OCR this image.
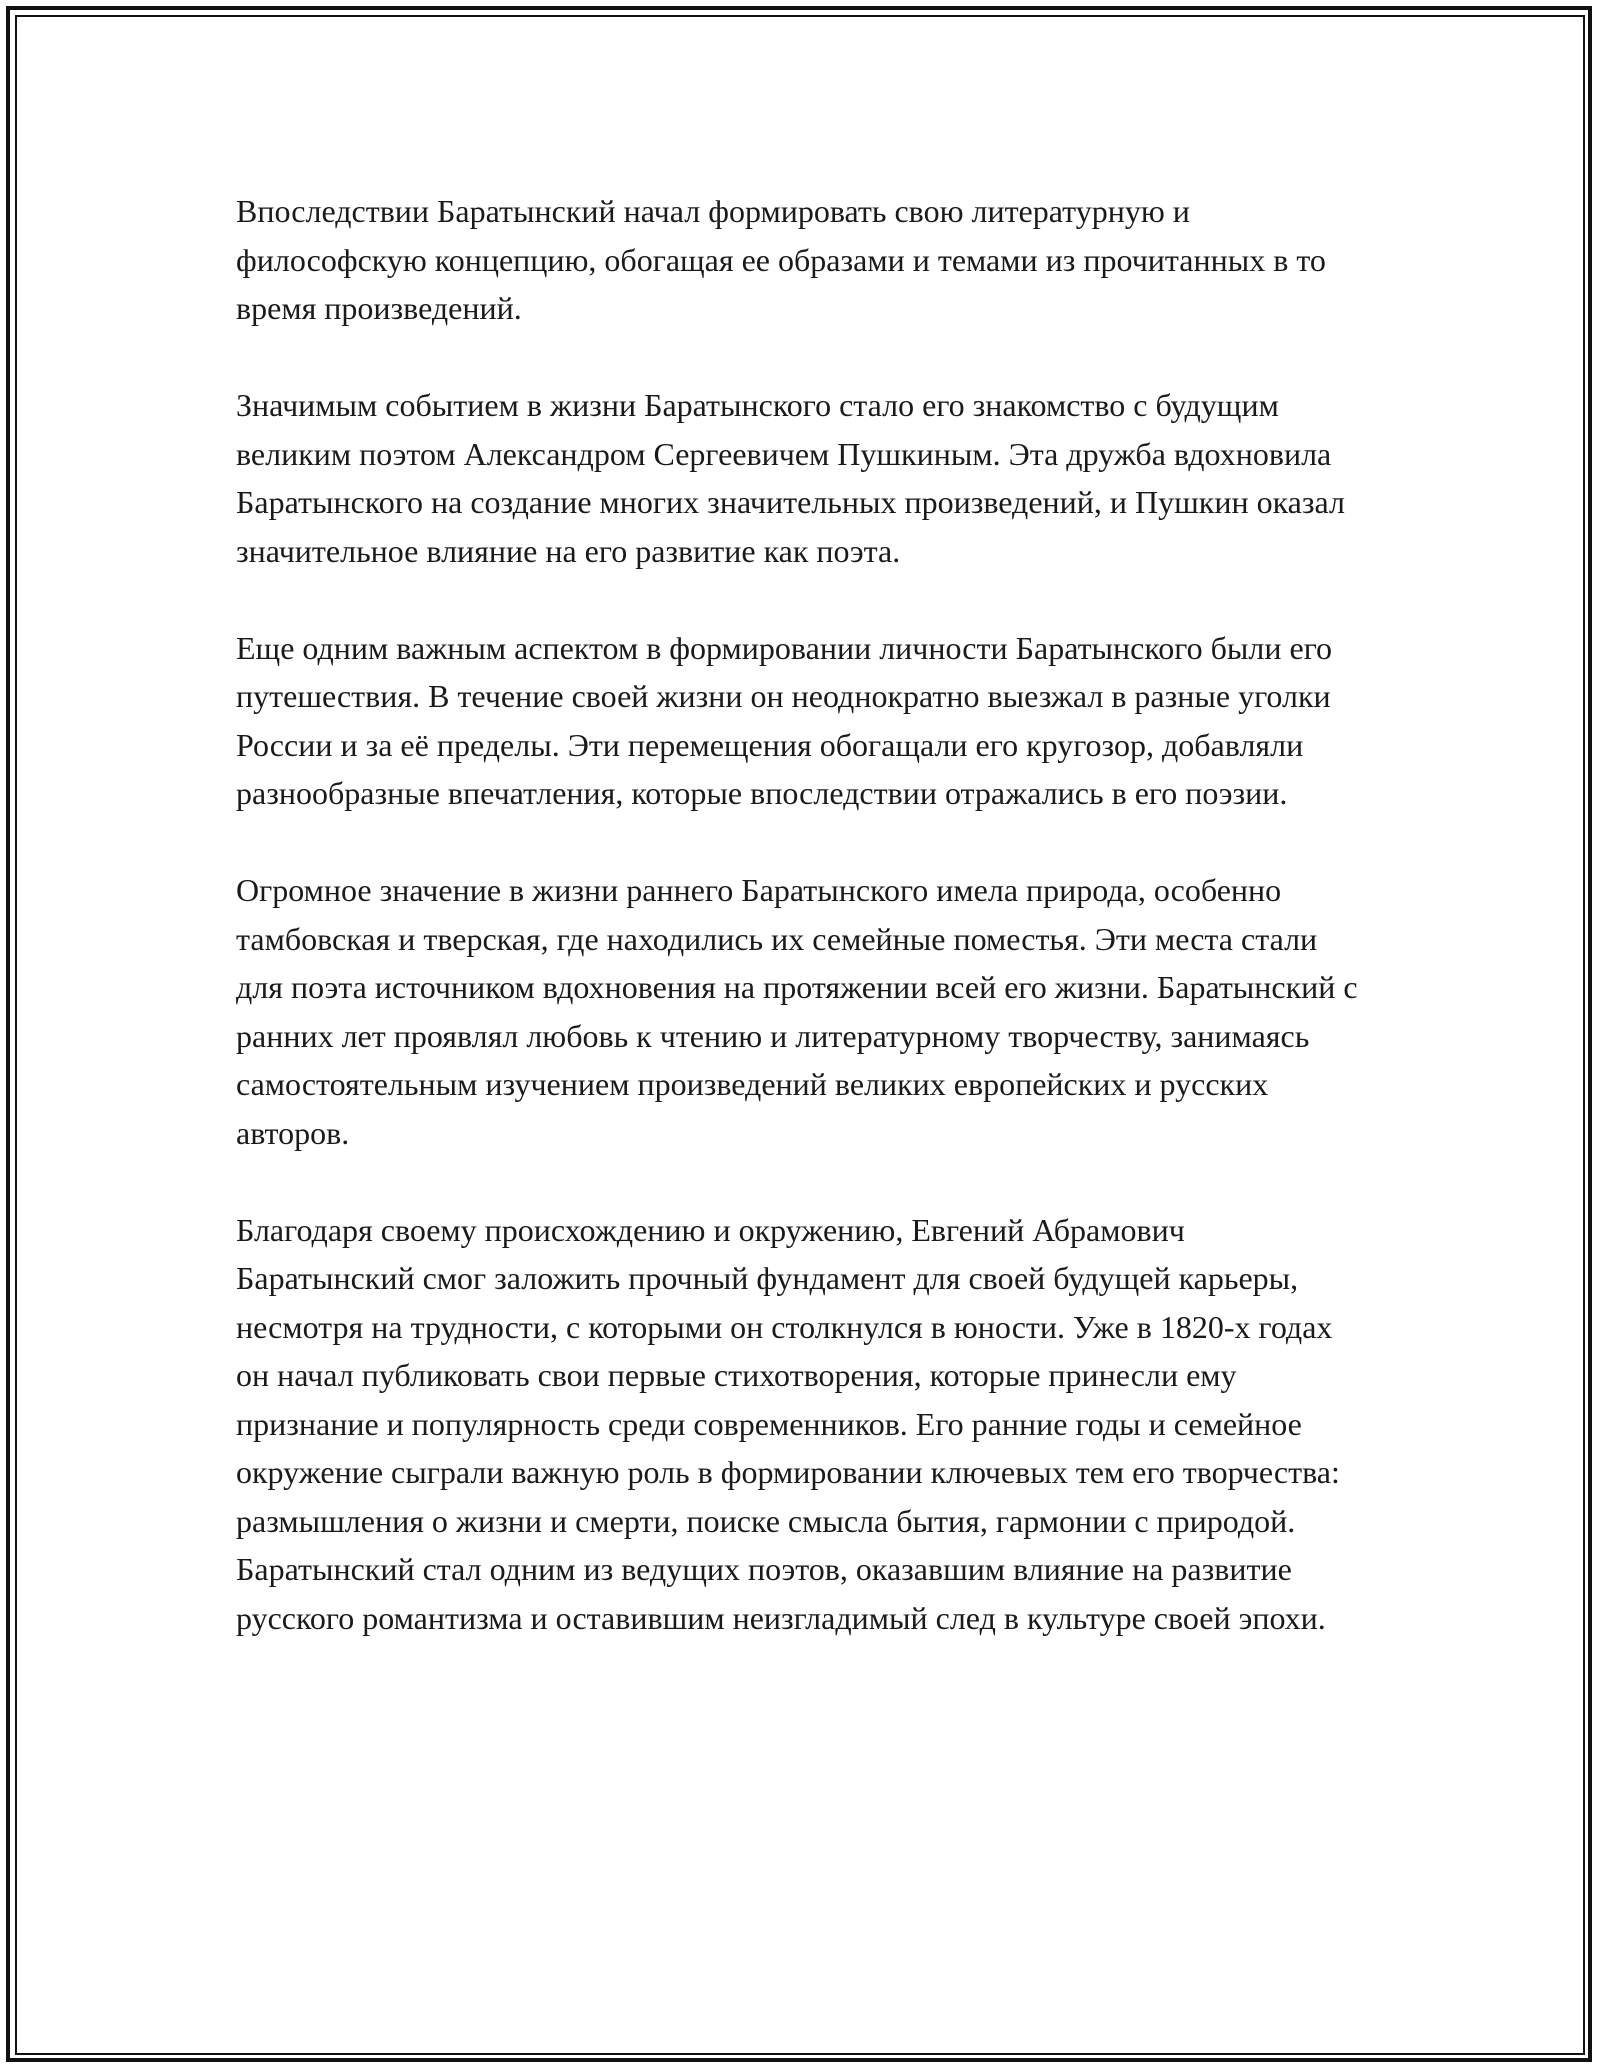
Впоследствии Баратынский начал формировать свою литературную и философскую концепцию, обогащая ее образами и темами из прочитанных в то время произведений.

Значимым событием в жизни Баратынского стало его знакомство с будущим великим поэтом Александром Сергеевичем Пушкиным. Эта дружба вдохновила Баратынского на создание многих значительных произведений, и Пушкин оказал значительное влияние на его развитие как поэта.

Еще одним важным аспектом в формировании личности Баратынского были его путешествия. В течение своей жизни он неоднократно выезжал в разные уголки России и за её пределы. Эти перемещения обогащали его кругозор, добавляли разнообразные впечатления, которые впоследствии отражались в его поэзии.

Огромное значение в жизни раннего Баратынского имела природа, особенно тамбовская и тверская, где находились их семейные поместья. Эти места стали для поэта источником вдохновения на протяжении всей его жизни. Баратынский с ранних лет проявлял любовь к чтению и литературному творчеству, занимаясь самостоятельным изучением произведений великих европейских и русских авторов.

Благодаря своему происхождению и окружению, Евгений Абрамович Баратынский смог заложить прочный фундамент для своей будущей карьеры, несмотря на трудности, с которыми он столкнулся в юности. Уже в 1820-х годах он начал публиковать свои первые стихотворения, которые принесли ему признание и популярность среди современников. Его ранние годы и семейное окружение сыграли важную роль в формировании ключевых тем его творчества: размышления о жизни и смерти, поиске смысла бытия, гармонии с природой. Баратынский стал одним из ведущих поэтов, оказавшим влияние на развитие русского романтизма и оставившим неизгладимый след в культуре своей эпохи.
